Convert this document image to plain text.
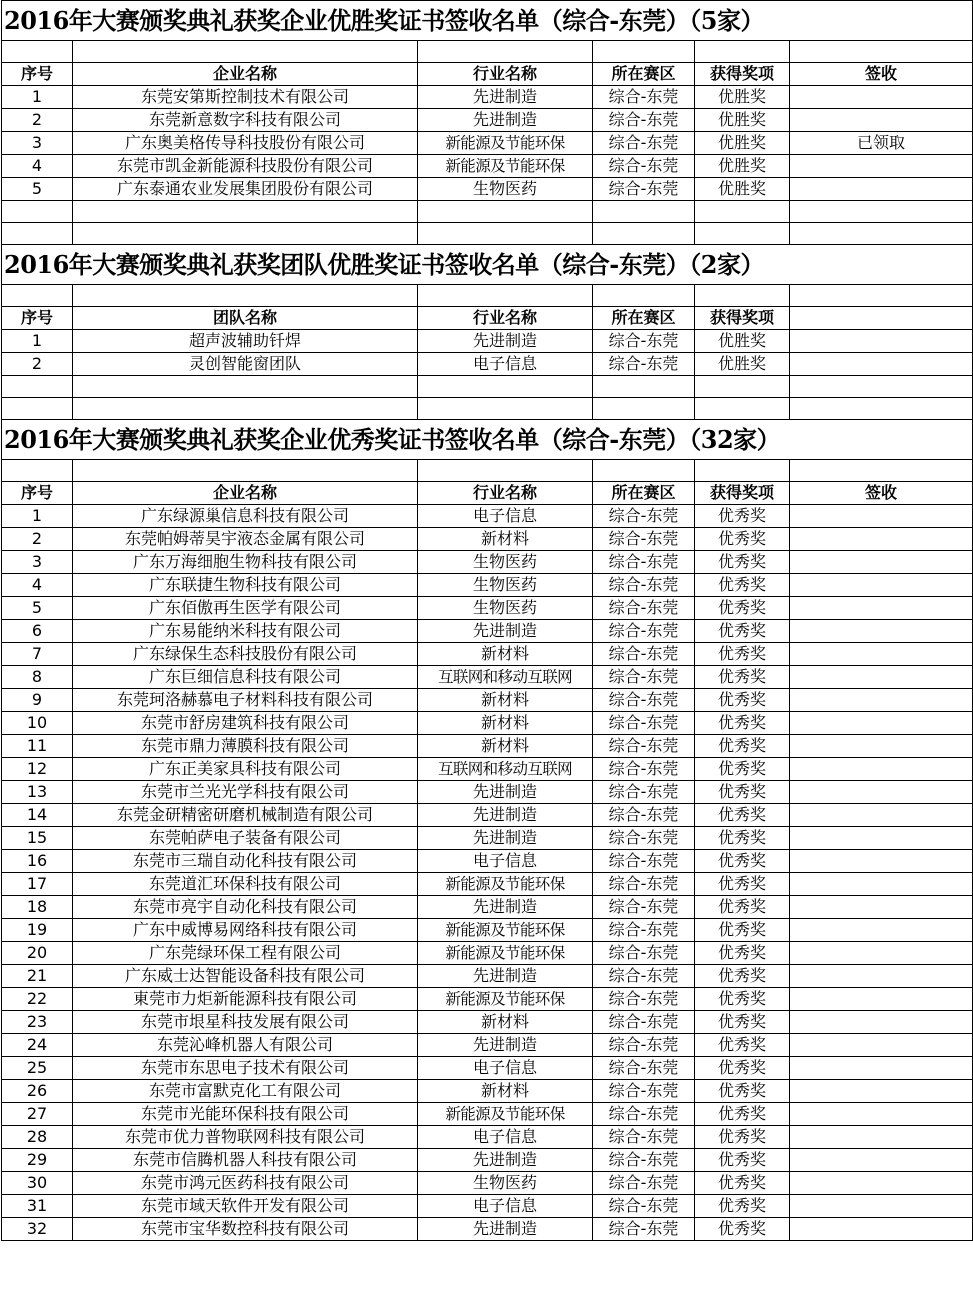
2016年大赛颁奖典礼获奖企业优胜奖证书签收名单（综合-东莞）（5家）					

序号	企业名称	行业名称	所在赛区	获得奖项	签收
1	东莞安第斯控制技术有限公司	先进制造	综合-东莞	优胜奖	
2	东莞新意数字科技有限公司	先进制造	综合-东莞	优胜奖	
3	广东奥美格传导科技股份有限公司	新能源及节能环保	综合-东莞	优胜奖	已领取
4	东莞市凯金新能源科技股份有限公司	新能源及节能环保	综合-东莞	优胜奖	
5	广东泰通农业发展集团股份有限公司	生物医药	综合-东莞	优胜奖	

2016年大赛颁奖典礼获奖团队优胜奖证书签收名单（综合-东莞）（2家）					

序号	团队名称	行业名称	所在赛区	获得奖项	
1	超声波辅助钎焊	先进制造	综合-东莞	优胜奖	
2	灵创智能窗团队	电子信息	综合-东莞	优胜奖	

2016年大赛颁奖典礼获奖企业优秀奖证书签收名单（综合-东莞）（32家）					

序号	企业名称	行业名称	所在赛区	获得奖项	签收
1	广东绿源巢信息科技有限公司	电子信息	综合-东莞	优秀奖	
2	东莞帕姆蒂昊宇液态金属有限公司	新材料	综合-东莞	优秀奖	
3	广东万海细胞生物科技有限公司	生物医药	综合-东莞	优秀奖	
4	广东联捷生物科技有限公司	生物医药	综合-东莞	优秀奖	
5	广东佰傲再生医学有限公司	生物医药	综合-东莞	优秀奖	
6	广东易能纳米科技有限公司	先进制造	综合-东莞	优秀奖	
7	广东绿保生态科技股份有限公司	新材料	综合-东莞	优秀奖	
8	广东巨细信息科技有限公司	互联网和移动互联网	综合-东莞	优秀奖	
9	东莞珂洛赫慕电子材料科技有限公司	新材料	综合-东莞	优秀奖	
10	东莞市舒房建筑科技有限公司	新材料	综合-东莞	优秀奖	
11	东莞市鼎力薄膜科技有限公司	新材料	综合-东莞	优秀奖	
12	广东正美家具科技有限公司	互联网和移动互联网	综合-东莞	优秀奖	
13	东莞市兰光光学科技有限公司	先进制造	综合-东莞	优秀奖	
14	东莞金研精密研磨机械制造有限公司	先进制造	综合-东莞	优秀奖	
15	东莞帕萨电子装备有限公司	先进制造	综合-东莞	优秀奖	
16	东莞市三瑞自动化科技有限公司	电子信息	综合-东莞	优秀奖	
17	东莞道汇环保科技有限公司	新能源及节能环保	综合-东莞	优秀奖	
18	东莞市亮宇自动化科技有限公司	先进制造	综合-东莞	优秀奖	
19	广东中威博易网络科技有限公司	新能源及节能环保	综合-东莞	优秀奖	
20	广东莞绿环保工程有限公司	新能源及节能环保	综合-东莞	优秀奖	
21	广东威士达智能设备科技有限公司	先进制造	综合-东莞	优秀奖	
22	東莞市力炬新能源科技有限公司	新能源及节能环保	综合-东莞	优秀奖	
23	东莞市垠星科技发展有限公司	新材料	综合-东莞	优秀奖	
24	东莞沁峰机器人有限公司	先进制造	综合-东莞	优秀奖	
25	东莞市东思电子技术有限公司	电子信息	综合-东莞	优秀奖	
26	东莞市富默克化工有限公司	新材料	综合-东莞	优秀奖	
27	东莞市光能环保科技有限公司	新能源及节能环保	综合-东莞	优秀奖	
28	东莞市优力普物联网科技有限公司	电子信息	综合-东莞	优秀奖	
29	东莞市信腾机器人科技有限公司	先进制造	综合-东莞	优秀奖	
30	东莞市鸿元医药科技有限公司	生物医药	综合-东莞	优秀奖	
31	东莞市域天软件开发有限公司	电子信息	综合-东莞	优秀奖	
32	东莞市宝华数控科技有限公司	先进制造	综合-东莞	优秀奖	
